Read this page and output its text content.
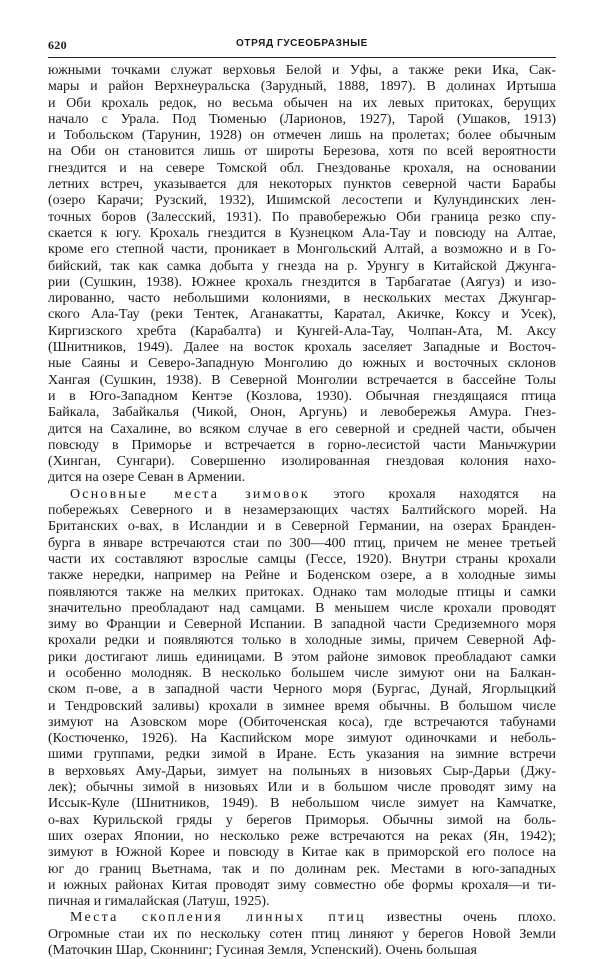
620	ОТРЯД ГУСЕОБРАЗНЫЕ
южными точками служат верховья Белой и Уфы, а также реки Ика, Сак-
мары и район Верхнеуральска (Зарудный, 1888, 1897). В долинах Иртыша
и Оби крохаль редок, но весьма обычен на их левых притоках, берущих
начало с Урала. Под Тюменью (Ларионов, 1927), Тарой (Ушаков, 1913)
и Тобольском (Тарунин, 1928) он отмечен лишь на пролетах; более обычным
на Оби он становится лишь от широты Березова, хотя по всей вероятности
гнездится и на севере Томской обл. Гнездованье крохаля, на основании
летних встреч, указывается для некоторых пунктов северной части Барабы
(озеро Карачи; Рузский, 1932), Ишимской лесостепи и Кулундинских лен-
точных боров (Залесский, 1931). По правобережью Оби граница резко спу-
скается к югу. Крохаль гнездится в Кузнецком Ала-Тау и повсюду на Алтае,
кроме его степной части, проникает в Монгольский Алтай, а возможно и в Го-
бийский, так как самка добыта у гнезда на р. Урунгу в Китайской Джунга-
рии (Сушкин, 1938). Южнее крохаль гнездится в Тарбагатае (Аягуз) и изо-
лированно, часто небольшими колониями, в нескольких местах Джунгар-
ского Ала-Тау (реки Тентек, Аганакатты, Каратал, Акичке, Коксу и Усек),
Киргизского хребта (Карабалта) и Кунгей-Ала-Тау, Чолпан-Ата, М. Аксу
(Шнитников, 1949). Далее на восток крохаль заселяет Западные и Восточ-
ные Саяны и Северо-Западную Монголию до южных и восточных склонов
Хангая (Сушкин, 1938). В Северной Монголии встречается в бассейне Толы
и в Юго-Западном Кентэе (Козлова, 1930). Обычная гнездящаяся птица
Байкала, Забайкалья (Чикой, Онон, Аргунь) и левобережья Амура. Гнез-
дится на Сахалине, во всяком случае в его северной и средней части, обычен
повсюду в Приморье и встречается в горно-лесистой части Маньчжурии
(Хинган, Сунгари). Совершенно изолированная гнездовая колония нахо-
дится на озере Севан в Армении.
Основные места зимовок этого крохаля находятся на
побережьях Северного и в незамерзающих частях Балтийского морей. На
Британских о-вах, в Исландии и в Северной Германии, на озерах Бранден-
бурга в январе встречаются стаи по 300—400 птиц, причем не менее третьей
части их составляют взрослые самцы (Гессе, 1920). Внутри страны крохали
также нередки, например на Рейне и Боденском озере, а в холодные зимы
появляются также на мелких притоках. Однако там молодые птицы и самки
значительно преобладают над самцами. В меньшем числе крохали проводят
зиму во Франции и Северной Испании. В западной части Средиземного моря
крохали редки и появляются только в холодные зимы, причем Северной Аф-
рики достигают лишь единицами. В этом районе зимовок преобладают самки
и особенно молодняк. В несколько большем числе зимуют они на Балкан-
ском п-ове, а в западной части Черного моря (Бургас, Дунай, Ягорлыцкий
и Тендровский заливы) крохали в зимнее время обычны. В большом числе
зимуют на Азовском море (Обиточенская коса), где встречаются табунами
(Костюченко, 1926). На Каспийском море зимуют одиночками и неболь-
шими группами, редки зимой в Иране. Есть указания на зимние встречи
в верховьях Аму-Дарьи, зимует на полыньях в низовьях Сыр-Дарьи (Джу-
лек); обычны зимой в низовьях Или и в большом числе проводят зиму на
Иссык-Куле (Шнитников, 1949). В небольшом числе зимует на Камчатке,
о-вах Курильской гряды у берегов Приморья. Обычны зимой на боль-
ших озерах Японии, но несколько реже встречаются на реках (Ян, 1942);
зимуют в Южной Корее и повсюду в Китае как в приморской его полосе на
юг до границ Вьетнама, так и по долинам рек. Местами в юго-западных
и южных районах Китая проводят зиму совместно обе формы крохаля—и ти-
пичная и гималайская (Латуш, 1925).
Места скопления линных птиц известны очень плохо.
Огромные стаи их по нескольку сотен птиц линяют у берегов Новой Земли
(Маточкин Шар, Сконнинг; Гусиная Земля, Успенский). Очень большая
